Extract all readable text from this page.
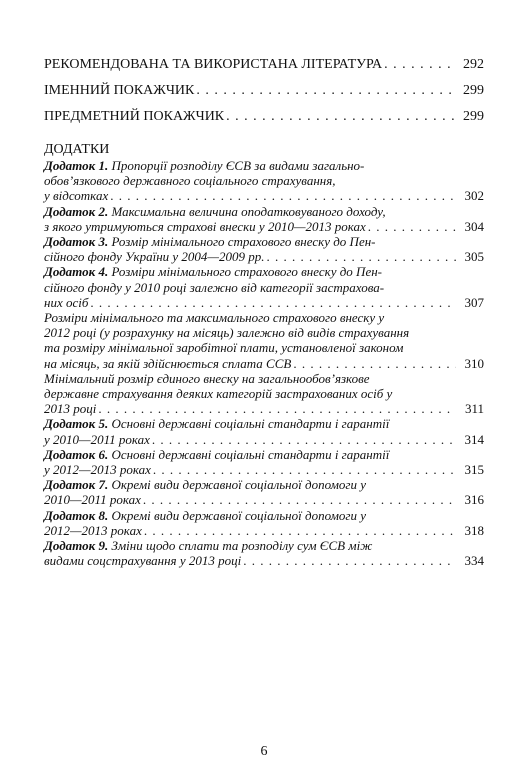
РЕКОМЕНДОВАНА ТА ВИКОРИСТАНА ЛІТЕРАТУРА . . .	292
ІМЕННИЙ ПОКАЖЧИК . . .	299
ПРЕДМЕТНИЙ ПОКАЖЧИК . . .	299
ДОДАТКИ
Додаток 1. Пропорції розподілу ЄСВ за видами загально-
обов’язкового державного соціального страхування,
у відсотках . . .	302
Додаток 2. Максимальна величина оподатковуваного доходу,
з якого утримуються страхові внески у 2010—2013 роках . . .	304
Додаток 3. Розмір мінімального страхового внеску до Пен-
сійного фонду України у 2004—2009 рр. . . .	305
Додаток 4. Розміри мінімального страхового внеску до Пен-
сійного фонду у 2010 році залежно від категорії застрахова-
них осіб . . .	307
Розміри мінімального та максимального страхового внеску у
2012 році (у розрахунку на місяць) залежно від видів страхування
та розміру мінімальної заробітної плати, установленої законом
на місяць, за якій здійснюється сплата ССВ . . .	310
Мінімальний розмір єдиного внеску на загальнообов’язкове
державне страхування деяких категорій застрахованих осіб у
2013 році . . .	311
Додаток 5. Основні державні соціальні стандарти і гарантії
у 2010—2011 роках . . .	314
Додаток 6. Основні державні соціальні стандарти і гарантії
у 2012—2013 роках . . .	315
Додаток 7. Окремі види державної соціальної допомоги у
2010—2011 роках . . .	316
Додаток 8. Окремі види державної соціальної допомоги у
2012—2013 роках . . .	318
Додаток 9. Зміни щодо сплати та розподілу сум ЄСВ між
видами соцстрахування у 2013 році . . .	334
6
